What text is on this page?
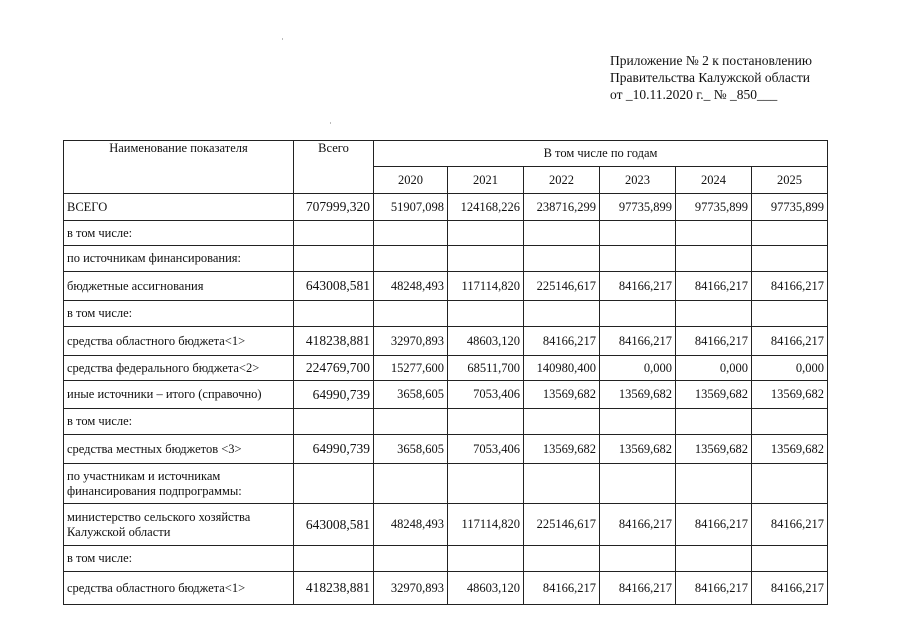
Приложение № 2 к постановлению
Правительства Калужской области
от _10.11.2020 г._ № _850___
Наименование показателя	Всего	В том числе по годам					
		2020	2021	2022	2023	2024	2025
ВСЕГО	707999,320	51907,098	124168,226	238716,299	97735,899	97735,899	97735,899
в том числе:							
по источникам финансирования:							
бюджетные ассигнования	643008,581	48248,493	117114,820	225146,617	84166,217	84166,217	84166,217
в том числе:							
средства областного бюджета<1>	418238,881	32970,893	48603,120	84166,217	84166,217	84166,217	84166,217
средства федерального бюджета<2>	224769,700	15277,600	68511,700	140980,400	0,000	0,000	0,000
иные источники – итого (справочно)	64990,739	3658,605	7053,406	13569,682	13569,682	13569,682	13569,682
в том числе:							
средства местных бюджетов <3>	64990,739	3658,605	7053,406	13569,682	13569,682	13569,682	13569,682
по участникам и источникам финансирования подпрограммы:							
министерство сельского хозяйства Калужской области	643008,581	48248,493	117114,820	225146,617	84166,217	84166,217	84166,217
в том числе:							
средства областного бюджета<1>	418238,881	32970,893	48603,120	84166,217	84166,217	84166,217	84166,217
